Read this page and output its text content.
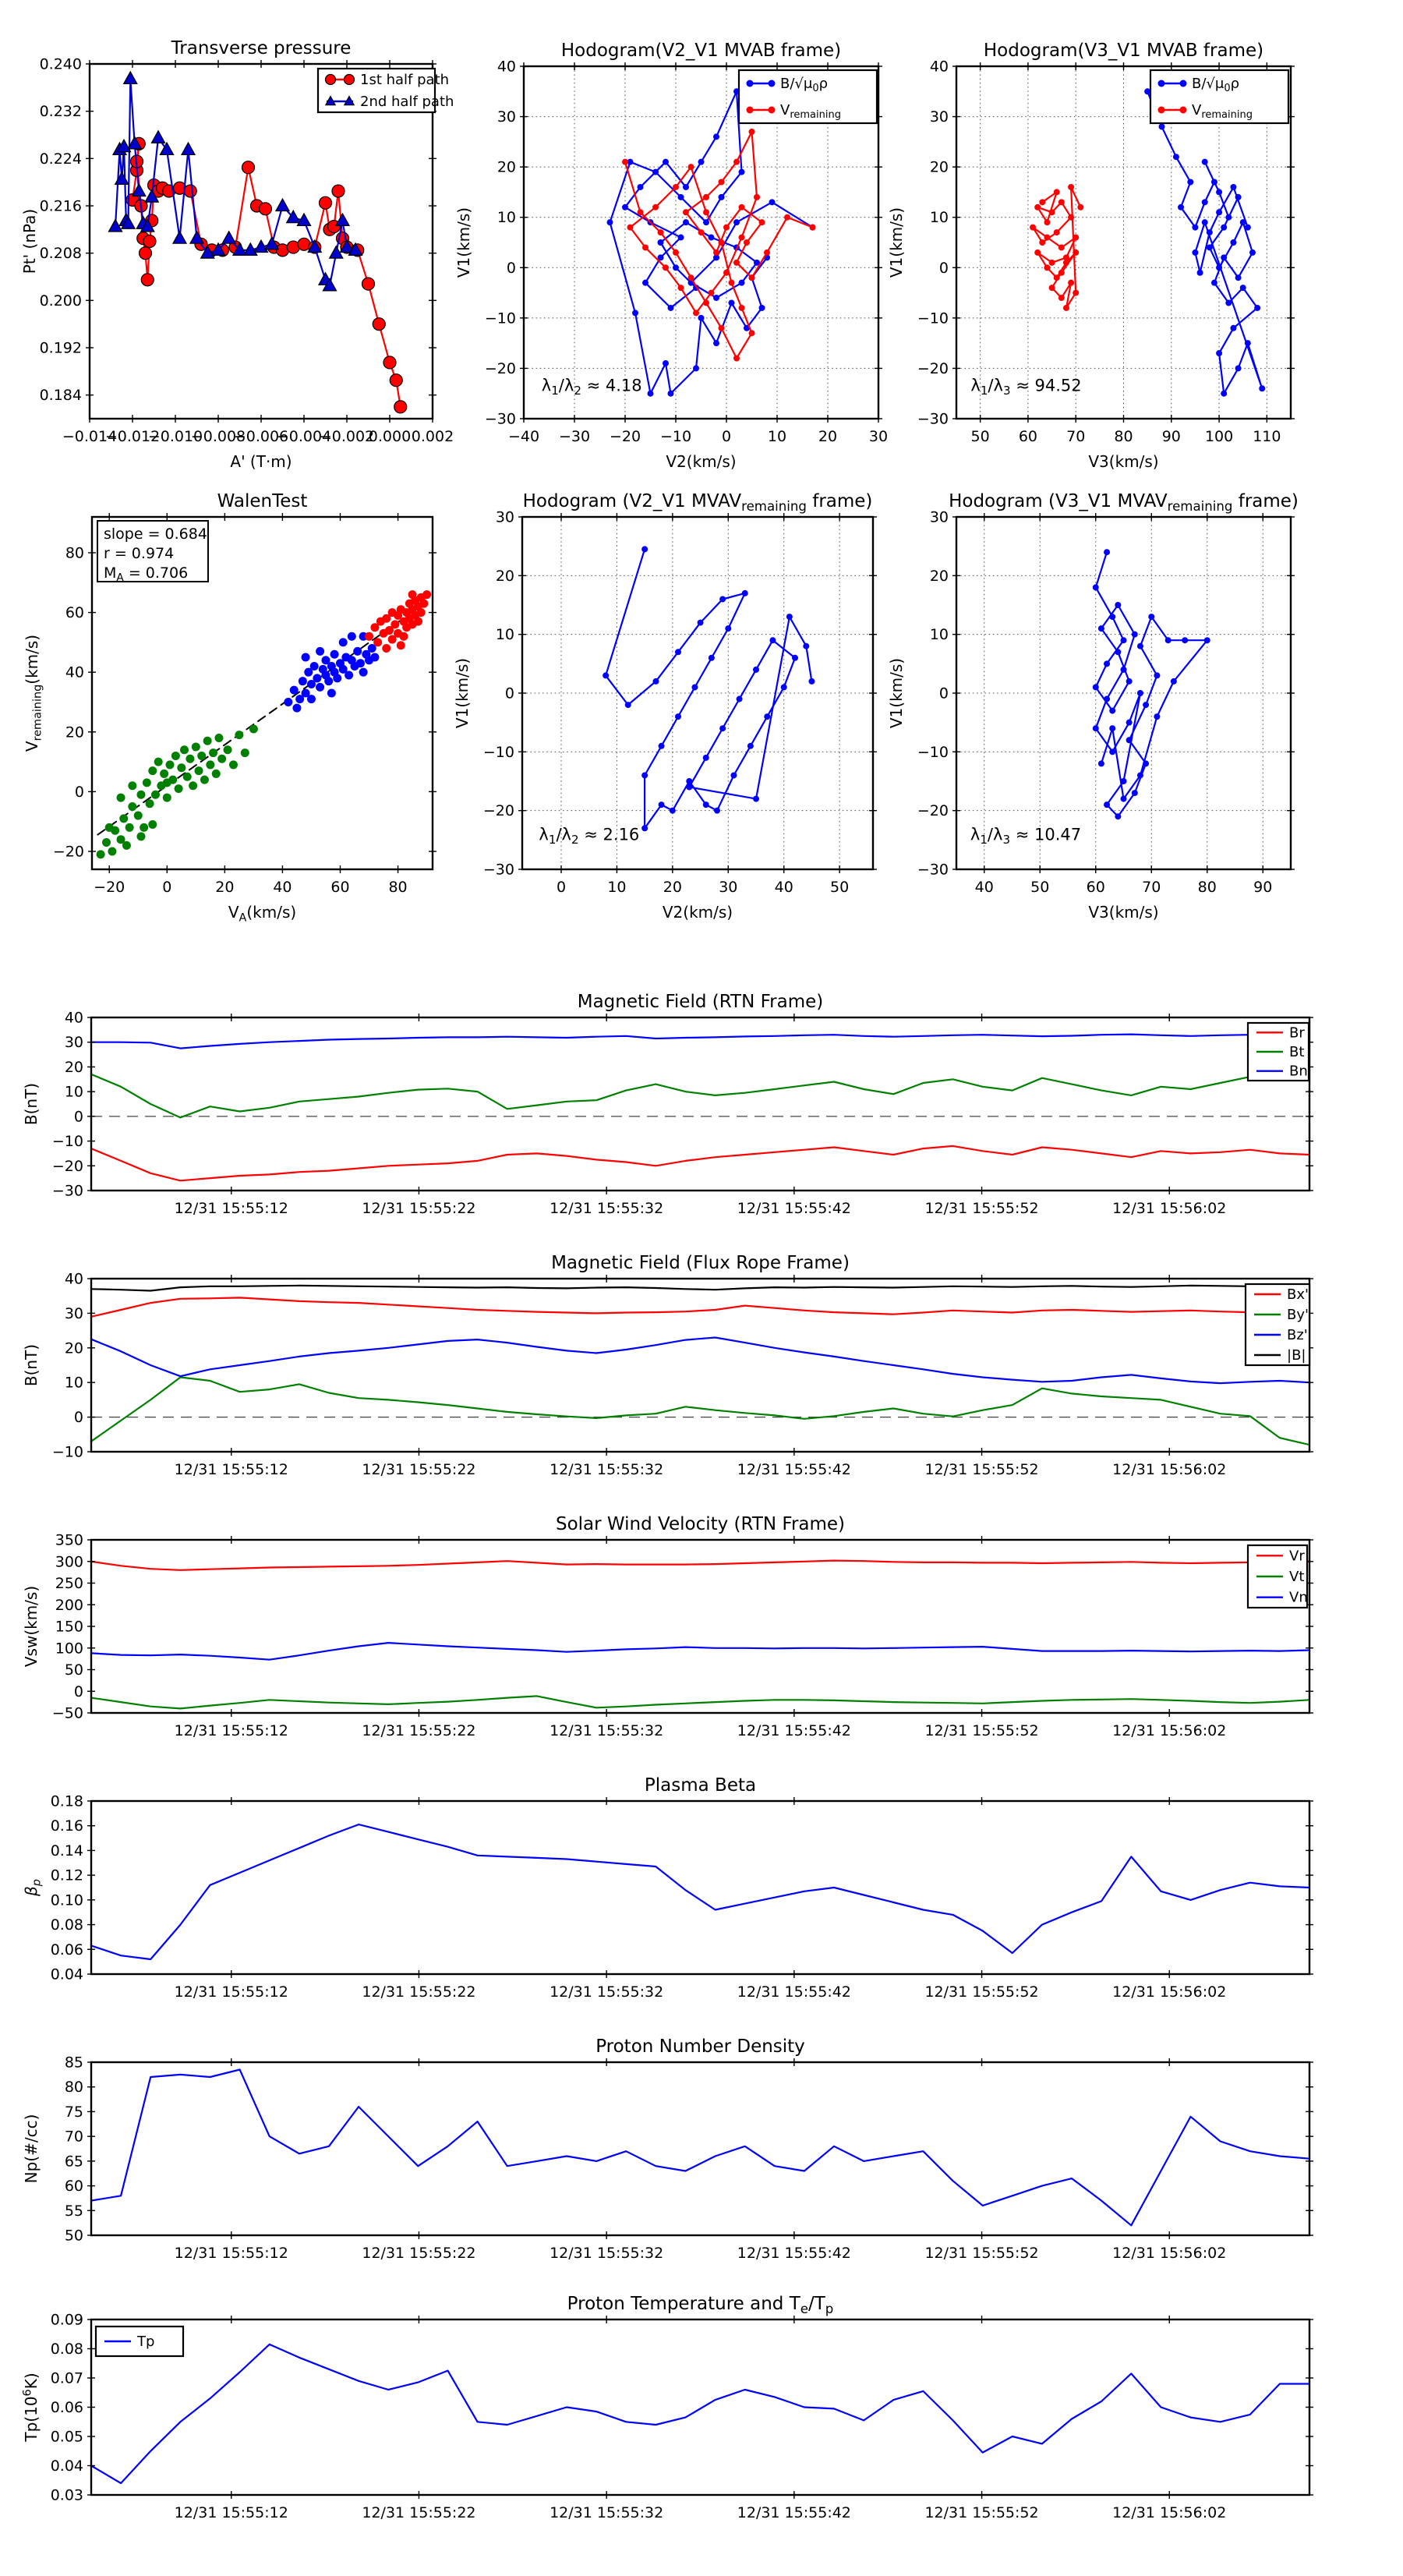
−0.014
−0.012
−0.010
−0.008
−0.006
−0.004
−0.002
0.000 0.002
0.184
0.192
0.200
0.208
0.216
0.224
0.232
0.240
Transverse pressure
A' (T·m)
Pt' (nPa)
1st half path
2nd half path
−40 −30 −20 −10 0 10 20 30
−30
−20
−10
0
10
20
30
40
Hodogram(V2_V1 MVAB frame)
V2(km/s)
V1(km/s)
$\lambda_1/\lambda_2 \approx 4.18$
$B/√\mu_0\rho$
$V_{remaining}$
50 60 70 80 90 100 110
−30
−20
−10
0
10
20
30
40
Hodogram(V3_V1 MVAB frame)
V3(km/s)
V1(km/s)
$\lambda_1/\lambda_3 \approx 94.52$
$B/√\mu_0\rho$
$V_{remaining}$
−20	0	20	40	60	80
−20
0
20
40
60
80
WalenTest
$V_A(km/s)$
$V_{remaining}(km/s)$
slope = 0.684
r = 0.974
$M_A = 0.706$
0	10 20 30 40 50
−30
−20
−10
0
10
20
30
Hodogram (V2_V1 $MVAV_{remaining}$ frame)
V2(km/s)
V1(km/s)
$\lambda_1/\lambda_2 \approx 2.16$
40 50 60 70 80 90
−30
−20
−10
0
10
20
30
Hodogram (V3_V1 $MVAV_{remaining}$ frame)
V3(km/s)
V1(km/s)
$\lambda_1/\lambda_3 \approx 10.47$
12/31 15:55:12	12/31 15:55:22	12/31 15:55:32	12/31 15:55:42	12/31 15:55:52	12/31 15:56:02
−30
−20
−10
0
10
20
30
40
Magnetic Field (RTN Frame)
B(nT)
Br
Bt
Bn
12/31 15:55:12	12/31 15:55:22	12/31 15:55:32	12/31 15:55:42	12/31 15:55:52	12/31 15:56:02
−10
0
10
20
30
40
Magnetic Field (Flux Rope Frame)
B(nT)
Bx'
By'
Bz'
|B|
12/31 15:55:12	12/31 15:55:22	12/31 15:55:32	12/31 15:55:42	12/31 15:55:52	12/31 15:56:02
−50
0
50
100
150
200
250
300
350
Solar Wind Velocity (RTN Frame)
Vsw(km/s)
Vr
Vt
Vn
12/31 15:55:12	12/31 15:55:22	12/31 15:55:32	12/31 15:55:42	12/31 15:55:52	12/31 15:56:02
0.04
0.06
0.08
0.10
0.12
0.14
0.16
0.18
Plasma Beta
$\beta_p$
12/31 15:55:12	12/31 15:55:22	12/31 15:55:32	12/31 15:55:42	12/31 15:55:52	12/31 15:56:02
50
55
60
65
70
75
80
85
Proton Number Density
Np(#/cc)
12/31 15:55:12	12/31 15:55:22	12/31 15:55:32	12/31 15:55:42	12/31 15:55:52	12/31 15:56:02
0.03
0.04
0.05
0.06
0.07
0.08
0.09
Proton Temperature and $T_e/T_p$
$Tp(10^6K)$
Tp
